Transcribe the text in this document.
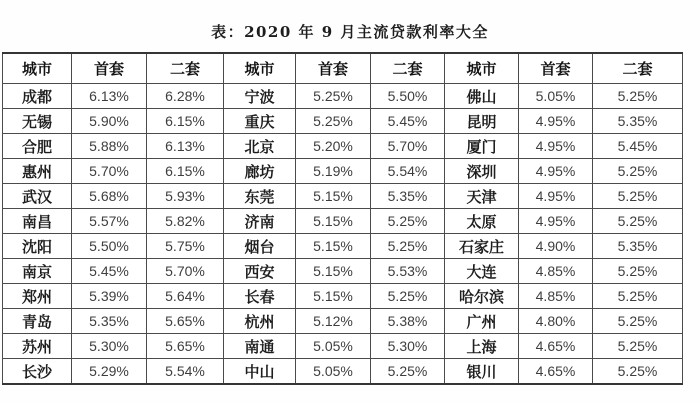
表：2020 年 9 月主流贷款利率大全
城市	首套	二套	城市	首套	二套	城市	首套	二套
成都	6.13%	6.28%	宁波	5.25%	5.50%	佛山	5.05%	5.25%
无锡	5.90%	6.15%	重庆	5.25%	5.45%	昆明	4.95%	5.35%
合肥	5.88%	6.13%	北京	5.20%	5.70%	厦门	4.95%	5.45%
惠州	5.70%	6.15%	廊坊	5.19%	5.54%	深圳	4.95%	5.25%
武汉	5.68%	5.93%	东莞	5.15%	5.35%	天津	4.95%	5.25%
南昌	5.57%	5.82%	济南	5.15%	5.25%	太原	4.95%	5.25%
沈阳	5.50%	5.75%	烟台	5.15%	5.25%	石家庄	4.90%	5.35%
南京	5.45%	5.70%	西安	5.15%	5.53%	大连	4.85%	5.25%
郑州	5.39%	5.64%	长春	5.15%	5.25%	哈尔滨	4.85%	5.25%
青岛	5.35%	5.65%	杭州	5.12%	5.38%	广州	4.80%	5.25%
苏州	5.30%	5.65%	南通	5.05%	5.30%	上海	4.65%	5.25%
长沙	5.29%	5.54%	中山	5.05%	5.25%	银川	4.65%	5.25%
